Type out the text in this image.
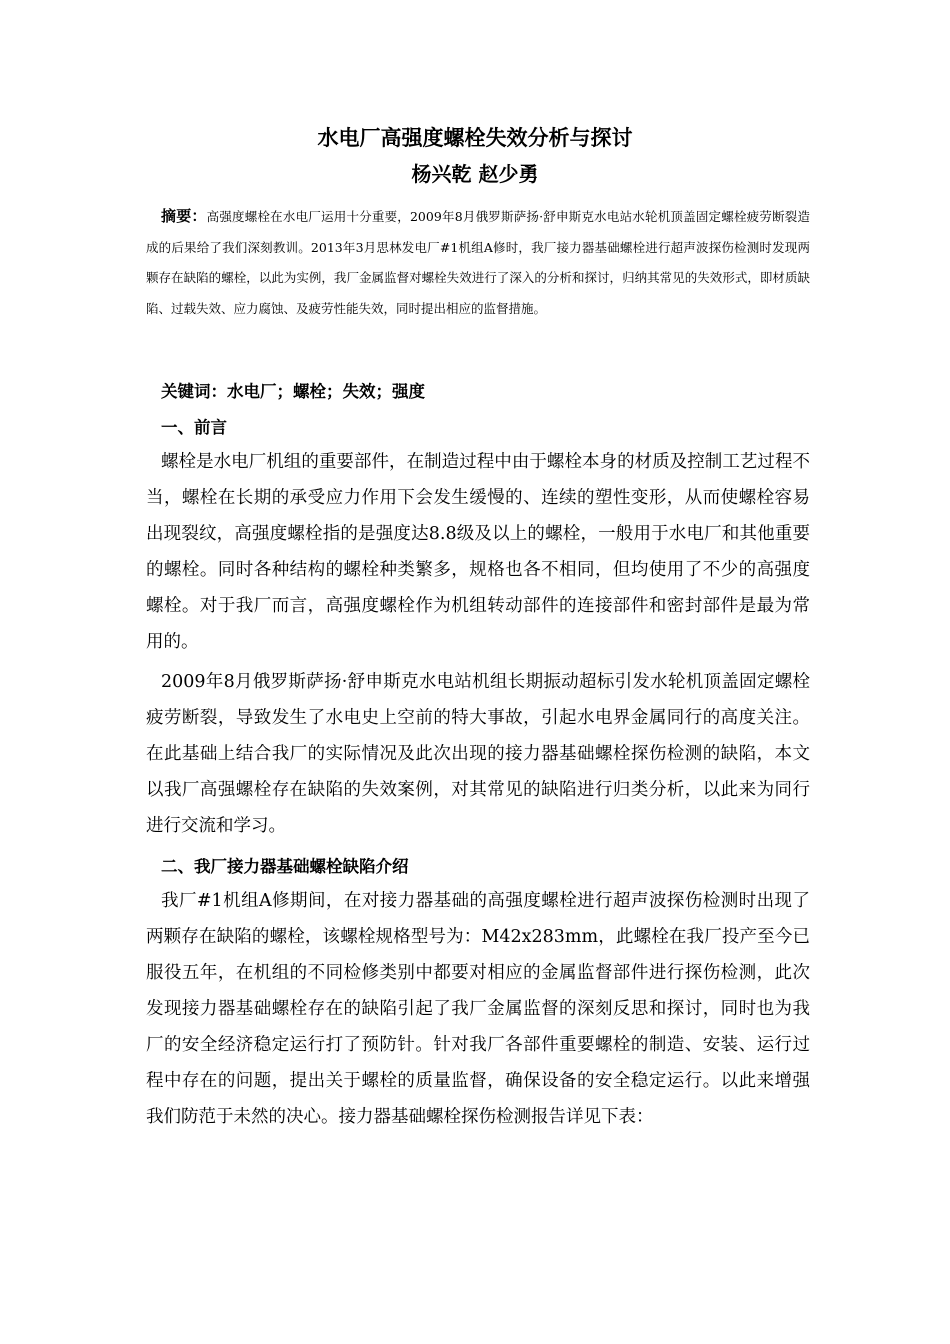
水电厂高强度螺栓失效分析与探讨
杨兴乾 赵少勇

摘要：高强度螺栓在水电厂运用十分重要，2009年8月俄罗斯萨扬·舒申斯克水电站水轮机顶盖固定螺栓疲劳断裂造成的后果给了我们深刻教训。2013年3月思林发电厂#1机组A修时，我厂接力器基础螺栓进行超声波探伤检测时发现两颗存在缺陷的螺栓，以此为实例，我厂金属监督对螺栓失效进行了深入的分析和探讨，归纳其常见的失效形式，即材质缺陷、过载失效、应力腐蚀、及疲劳性能失效，同时提出相应的监督措施。

关键词：水电厂；螺栓；失效；强度

一、前言

螺栓是水电厂机组的重要部件，在制造过程中由于螺栓本身的材质及控制工艺过程不当，螺栓在长期的承受应力作用下会发生缓慢的、连续的塑性变形，从而使螺栓容易出现裂纹，高强度螺栓指的是强度达8.8级及以上的螺栓，一般用于水电厂和其他重要的螺栓。同时各种结构的螺栓种类繁多，规格也各不相同，但均使用了不少的高强度螺栓。对于我厂而言，高强度螺栓作为机组转动部件的连接部件和密封部件是最为常用的。

2009年8月俄罗斯萨扬·舒申斯克水电站机组长期振动超标引发水轮机顶盖固定螺栓疲劳断裂，导致发生了水电史上空前的特大事故，引起水电界金属同行的高度关注。在此基础上结合我厂的实际情况及此次出现的接力器基础螺栓探伤检测的缺陷，本文以我厂高强螺栓存在缺陷的失效案例，对其常见的缺陷进行归类分析，以此来为同行进行交流和学习。

二、我厂接力器基础螺栓缺陷介绍

我厂#1机组A修期间，在对接力器基础的高强度螺栓进行超声波探伤检测时出现了两颗存在缺陷的螺栓，该螺栓规格型号为：M42x283mm，此螺栓在我厂投产至今已服役五年，在机组的不同检修类别中都要对相应的金属监督部件进行探伤检测，此次发现接力器基础螺栓存在的缺陷引起了我厂金属监督的深刻反思和探讨，同时也为我厂的安全经济稳定运行打了预防针。针对我厂各部件重要螺栓的制造、安装、运行过程中存在的问题，提出关于螺栓的质量监督，确保设备的安全稳定运行。以此来增强我们防范于未然的决心。接力器基础螺栓探伤检测报告详见下表：
